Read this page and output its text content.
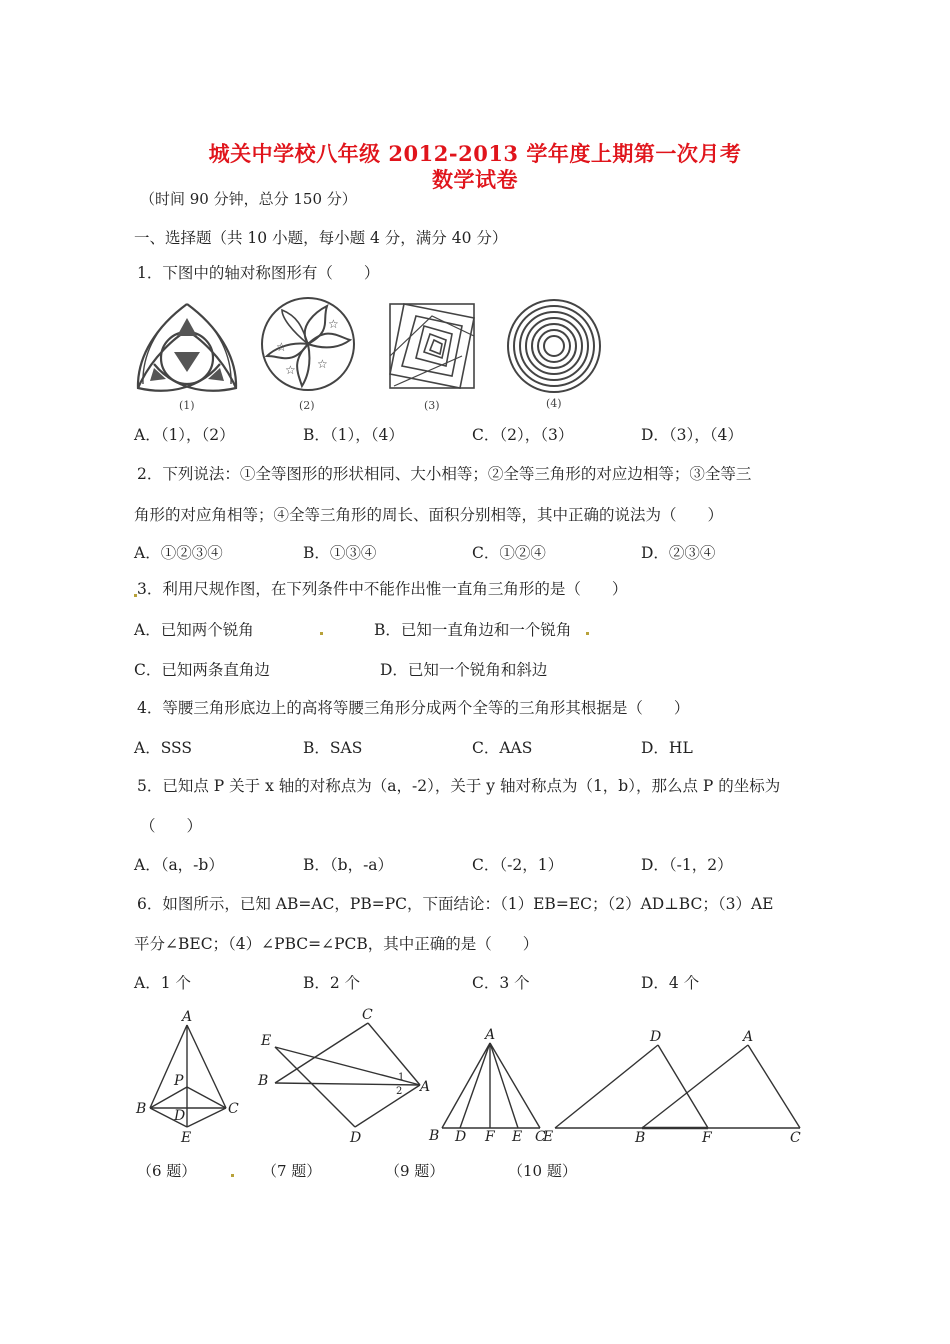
城关中学校八年级 2012-2013 学年度上期第一次月考
数学试卷
（时间 90 分钟，总分 150 分）
一、选择题（共 10 小题，每小题 4 分，满分 40 分）
1．下图中的轴对称图形有（　　）
(1)
☆
☆
☆ ☆
(2)	(3)	(4)
A．（1），（2）	B．（1），（4）	C．（2），（3）	D．（3），（4）
2．下列说法：①全等图形的形状相同、大小相等；②全等三角形的对应边相等；③全等三
角形的对应角相等；④全等三角形的周长、面积分别相等，其中正确的说法为（　　）
A．①②③④	B．①③④	C．①②④	D．②③④
3．利用尺规作图，在下列条件中不能作出惟一直角三角形的是（　　）
A．已知两个锐角	B．已知一直角边和一个锐角
C．已知两条直角边	D．已知一个锐角和斜边
4．等腰三角形底边上的高将等腰三角形分成两个全等的三角形其根据是（　　）
A．SSS	B．SAS	C．AAS	D．HL
5．已知点 P 关于 x 轴的对称点为（a，-2），关于 y 轴对称点为（1，b），那么点 P 的坐标为
（　　）
A．（a，-b）	B．（b，-a）	C．（-2，1）	D．（-1，2）
6．如图所示，已知 AB=AC，PB=PC，下面结论：（1）EB=EC；（2）AD⊥BC；（3）AE
平分∠BEC；（4）∠PBC=∠PCB，其中正确的是（　　）
A．1 个	B．2 个	C．3 个	D．4 个
A
P
B D	C
E
C
E
B	1
2 A
D
A
B D F E C
D	A
E	B	F	C
（6 题）	（7 题）	（9 题）	（10 题）
